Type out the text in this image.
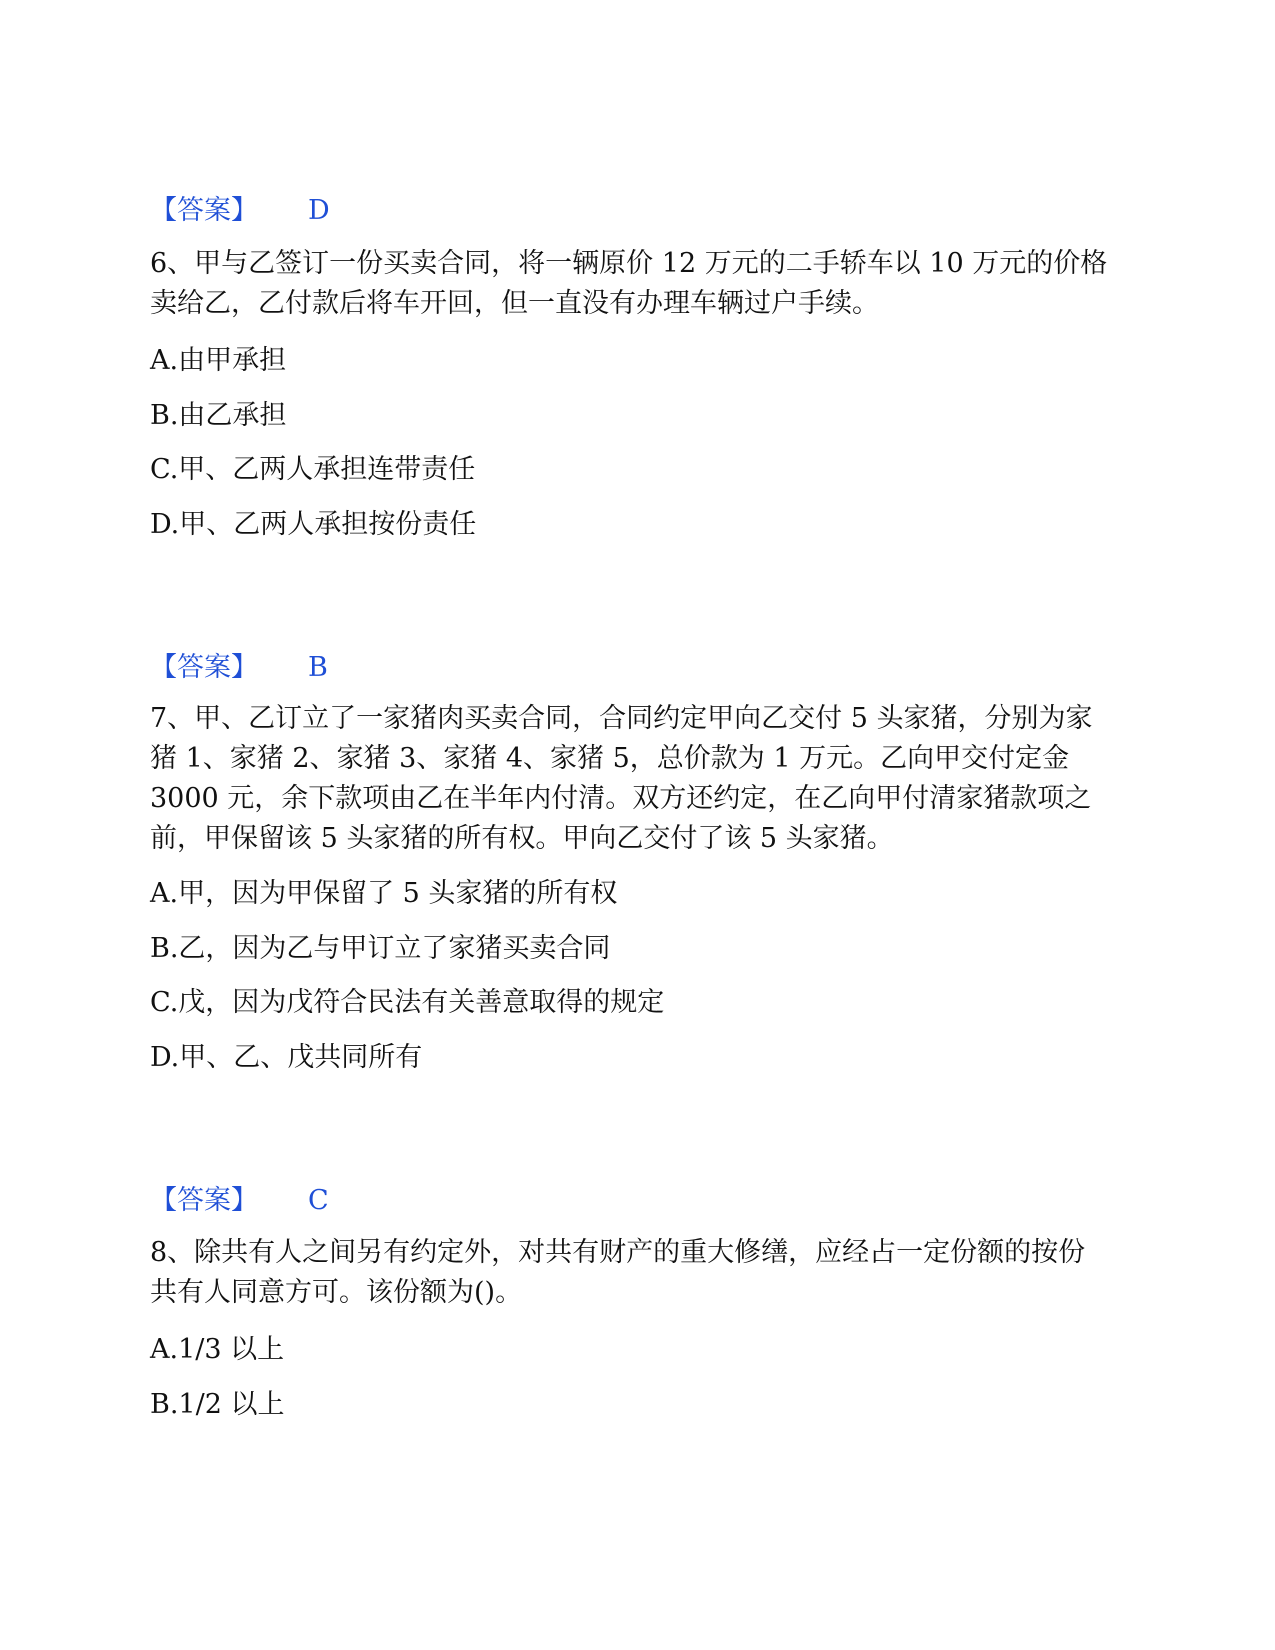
【答案】 D
6、甲与乙签订一份买卖合同，将一辆原价 12 万元的二手轿车以 10 万元的价格卖给乙，乙付款后将车开回，但一直没有办理车辆过户手续。
A.由甲承担
B.由乙承担
C.甲、乙两人承担连带责任
D.甲、乙两人承担按份责任
【答案】 B
7、甲、乙订立了一家猪肉买卖合同，合同约定甲向乙交付 5 头家猪，分别为家猪 1、家猪 2、家猪 3、家猪 4、家猪 5，总价款为 1 万元。乙向甲交付定金 3000 元，余下款项由乙在半年内付清。双方还约定，在乙向甲付清家猪款项之前，甲保留该 5 头家猪的所有权。甲向乙交付了该 5 头家猪。
A.甲，因为甲保留了 5 头家猪的所有权
B.乙，因为乙与甲订立了家猪买卖合同
C.戊，因为戊符合民法有关善意取得的规定
D.甲、乙、戊共同所有
【答案】 C
8、除共有人之间另有约定外，对共有财产的重大修缮，应经占一定份额的按份共有人同意方可。该份额为()。
A.1/3 以上
B.1/2 以上
